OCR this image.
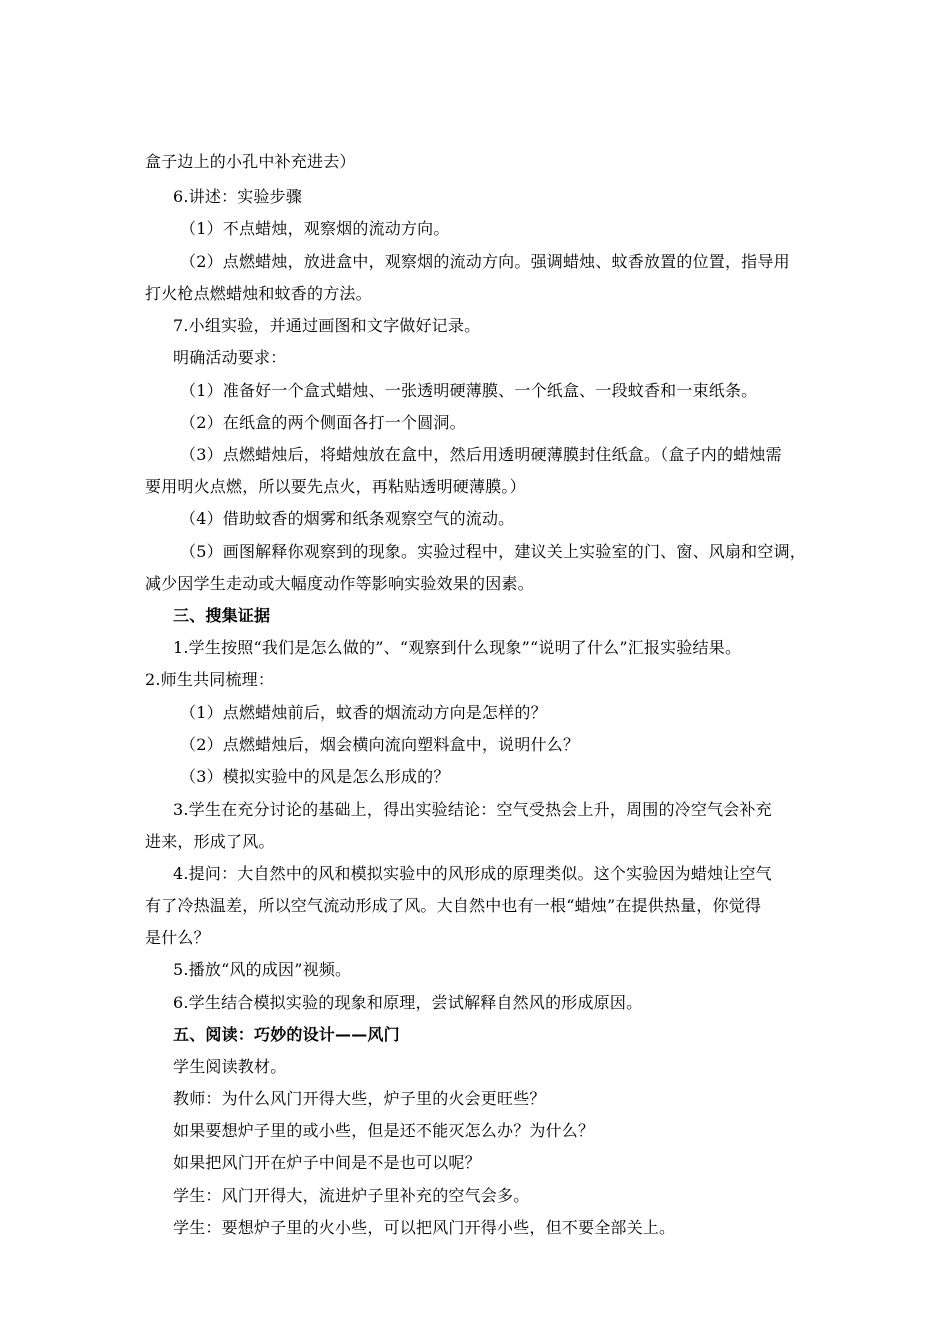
盒子边上的小孔中补充进去）
6.讲述：实验步骤
（1）不点蜡烛，观察烟的流动方向。
（2）点燃蜡烛，放进盒中，观察烟的流动方向。强调蜡烛、蚊香放置的位置，指导用
打火枪点燃蜡烛和蚊香的方法。
7.小组实验，并通过画图和文字做好记录。
明确活动要求：
（1）准备好一个盒式蜡烛、一张透明硬薄膜、一个纸盒、一段蚊香和一束纸条。
（2）在纸盒的两个侧面各打一个圆洞。
（3）点燃蜡烛后，将蜡烛放在盒中，然后用透明硬薄膜封住纸盒。（盒子内的蜡烛需
要用明火点燃，所以要先点火，再粘贴透明硬薄膜。）
（4）借助蚊香的烟雾和纸条观察空气的流动。
（5）画图解释你观察到的现象。实验过程中，建议关上实验室的门、窗、风扇和空调，
减少因学生走动或大幅度动作等影响实验效果的因素。
三、搜集证据
1.学生按照“我们是怎么做的”、“观察到什么现象”“说明了什么”汇报实验结果。
2.师生共同梳理：
（1）点燃蜡烛前后，蚊香的烟流动方向是怎样的？
（2）点燃蜡烛后，烟会横向流向塑料盒中，说明什么？
（3）模拟实验中的风是怎么形成的？
3.学生在充分讨论的基础上，得出实验结论：空气受热会上升，周围的冷空气会补充
进来，形成了风。
4.提问：大自然中的风和模拟实验中的风形成的原理类似。这个实验因为蜡烛让空气
有了冷热温差，所以空气流动形成了风。大自然中也有一根“蜡烛”在提供热量，你觉得
是什么？
5.播放“风的成因”视频。
6.学生结合模拟实验的现象和原理，尝试解释自然风的形成原因。
五、阅读：巧妙的设计——风门
学生阅读教材。
教师：为什么风门开得大些，炉子里的火会更旺些？
如果要想炉子里的或小些，但是还不能灭怎么办？为什么？
如果把风门开在炉子中间是不是也可以呢？
学生：风门开得大，流进炉子里补充的空气会多。
学生：要想炉子里的火小些，可以把风门开得小些，但不要全部关上。
